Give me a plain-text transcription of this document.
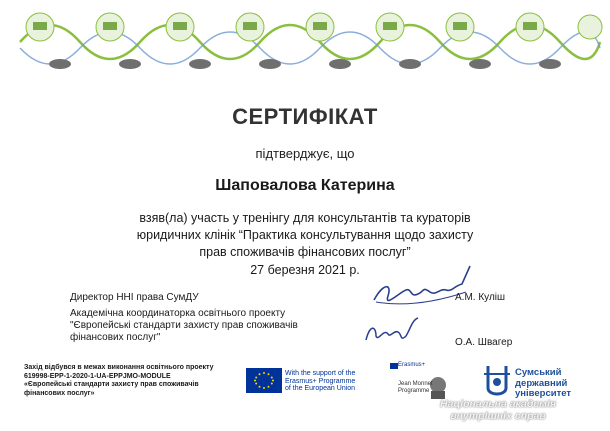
СЕРТИФІКАТ
підтверджує, що
Шаповалова Катерина
взяв(ла) участь у тренінгу для консультантів та кураторів
юридичних клінік “Практика консультування щодо захисту
прав споживачів фінансових послуг”
27 березня 2021 р.
Директор ННІ права СумДУ	А.М. Куліш
Академічна координаторка освітнього проекту
"Європейські стандарти захисту прав споживачів
фінансових послуг"	О.А. Швагер
Захід відбувся в межах виконання освітнього проекту
619998-EPP-1-2020-1-UA-EPPJMO-MODULE
«Європейські стандарти захисту прав споживачів
фінансових послуг»
With the support of the
Erasmus+ Programme
of the European Union
Erasmus+
Jean Monnet
Programme
Сумський
державний
університет
Національна академія
внутрішніх справ
